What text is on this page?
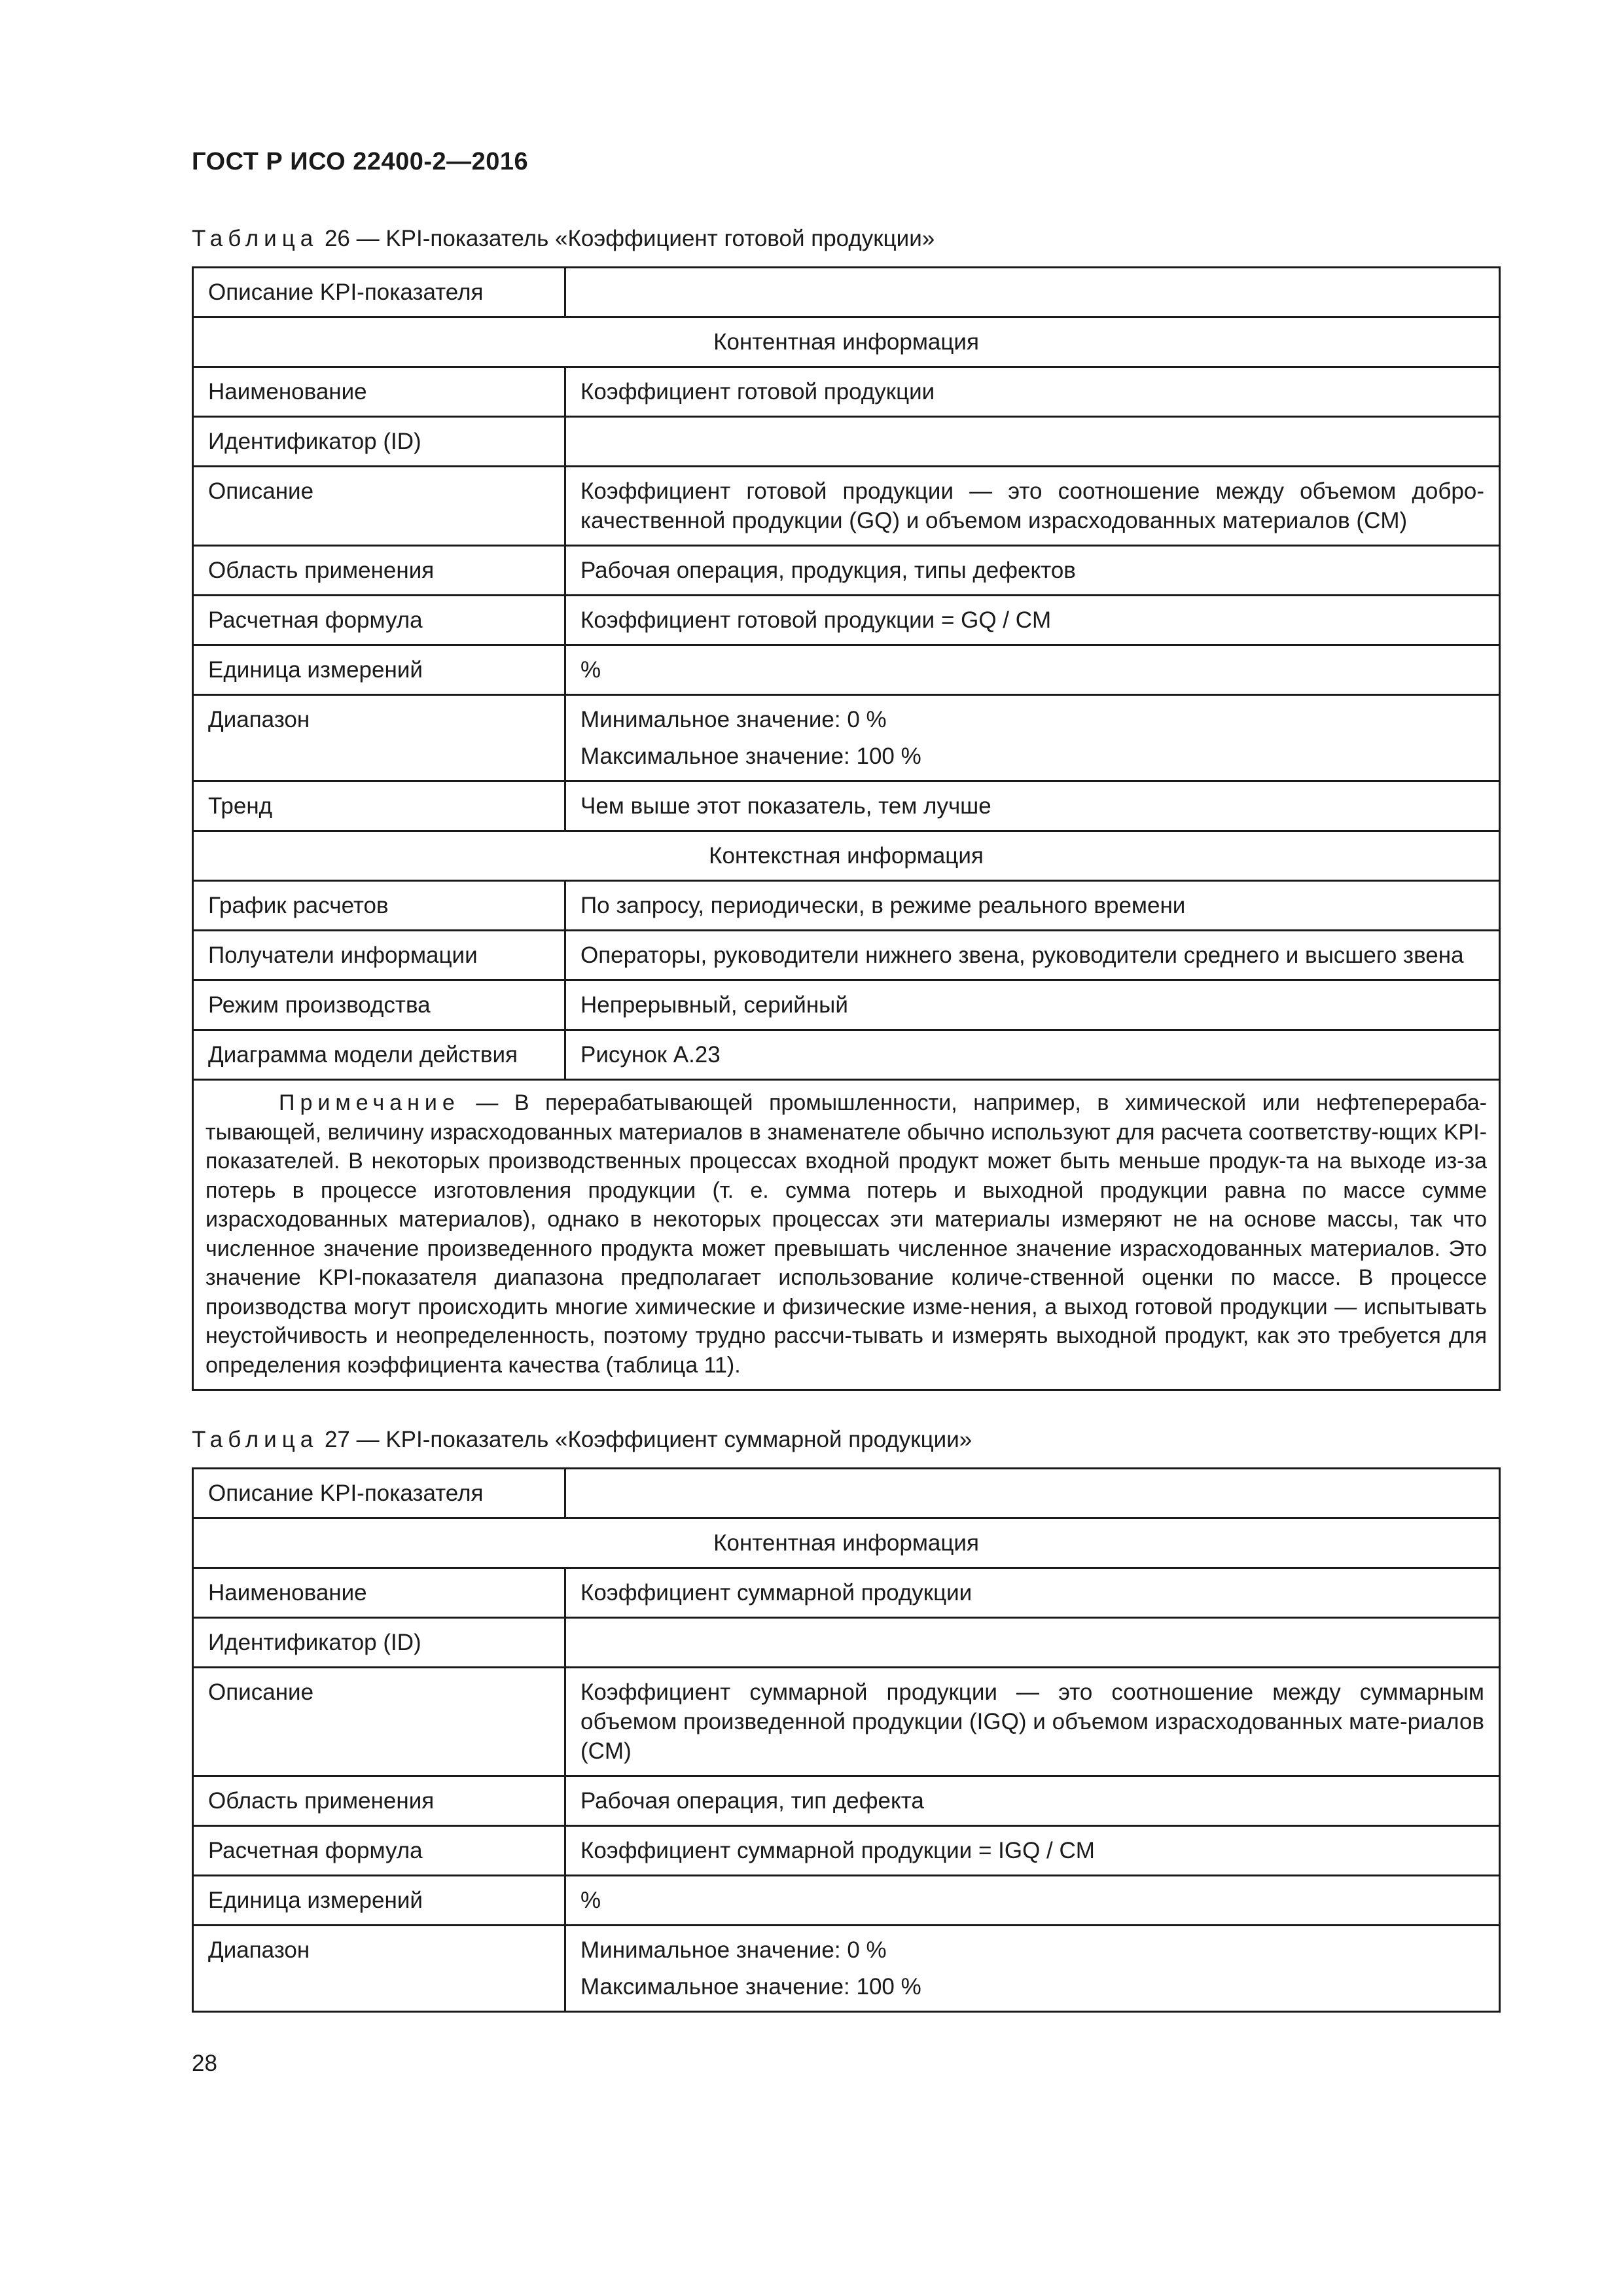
ГОСТ Р ИСО 22400-2—2016
Таблица 26 — KPI-показатель «Коэффициент готовой продукции»
Описание KPI-показателя	
Контентная информация	
Наименование	Коэффициент готовой продукции
Идентификатор (ID)	
Описание	Коэффициент готовой продукции — это соотношение между объемом добро-качественной продукции (GQ) и объемом израсходованных материалов (CM)
Область применения	Рабочая операция, продукция, типы дефектов
Расчетная формула	Коэффициент готовой продукции = GQ / CM
Единица измерений	%
Диапазон	Минимальное значение: 0 %
Максимальное значение: 100 %

Тренд	Чем выше этот показатель, тем лучше
Контекстная информация	
График расчетов	По запросу, периодически, в режиме реального времени
Получатели информации	Операторы, руководители нижнего звена, руководители среднего и высшего звена
Режим производства	Непрерывный, серийный
Диаграмма модели действия	Рисунок А.23
Примечание — В перерабатывающей промышленности, например, в химической или нефтеперераба-тывающей, величину израсходованных материалов в знаменателе обычно используют для расчета соответству-ющих KPI-показателей. В некоторых производственных процессах входной продукт может быть меньше продук-та на выходе из-за потерь в процессе изготовления продукции (т. е. сумма потерь и выходной продукции равна по массе сумме израсходованных материалов), однако в некоторых процессах эти материалы измеряют не на основе массы, так что численное значение произведенного продукта может превышать численное значение израсходованных материалов. Это значение KPI-показателя диапазона предполагает использование количе-ственной оценки по массе. В процессе производства могут происходить многие химические и физические изме-нения, а выход готовой продукции — испытывать неустойчивость и неопределенность, поэтому трудно рассчи-тывать и измерять выходной продукт, как это требуется для определения коэффициента качества (таблица 11).	
Таблица 27 — KPI-показатель «Коэффициент суммарной продукции»
Описание KPI-показателя	
Контентная информация	
Наименование	Коэффициент суммарной продукции
Идентификатор (ID)	
Описание	Коэффициент суммарной продукции — это соотношение между суммарным объемом произведенной продукции (IGQ) и объемом израсходованных мате-риалов (CM)
Область применения	Рабочая операция, тип дефекта
Расчетная формула	Коэффициент суммарной продукции = IGQ / CM
Единица измерений	%
Диапазон	Минимальное значение: 0 %
Максимальное значение: 100 %
28
